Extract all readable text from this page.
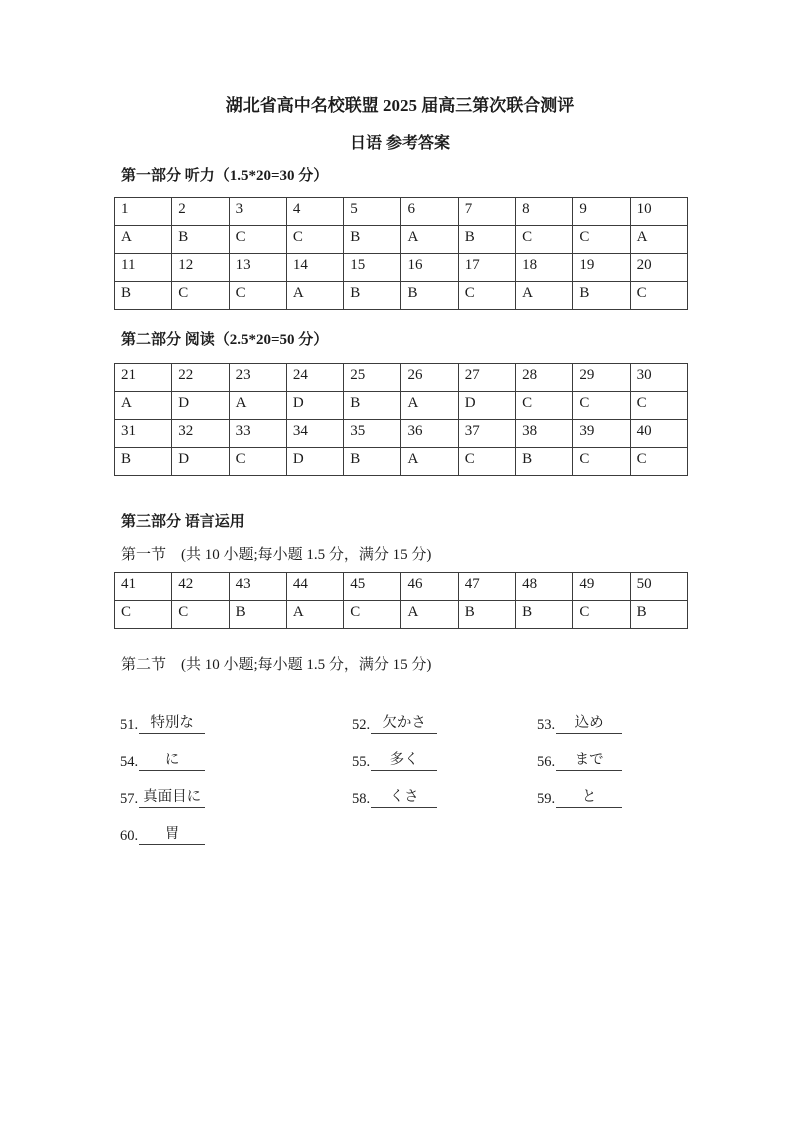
湖北省高中名校联盟 2025 届高三第次联合测评
日语 参考答案
第一部分 听力（1.5*20=30 分）
1	2	3	4	5	6	7	8	9	10
A	B	C	C	B	A	B	C	C	A
11	12	13	14	15	16	17	18	19	20
B	C	C	A	B	B	C	A	B	C
第二部分 阅读（2.5*20=50 分）
21	22	23	24	25	26	27	28	29	30
A	D	A	D	B	A	D	C	C	C
31	32	33	34	35	36	37	38	39	40
B	D	C	D	B	A	C	B	C	C
第三部分 语言运用

第一节　(共 10 小题;每小题 1.5 分，满分 15 分)

41	42	43	44	45	46	47	48	49	50
C	C	B	A	C	A	B	B	C	B

第二节　(共 10 小题;每小题 1.5 分，满分 15 分)

51. 特別な	52. 欠かさ	53.	込め
54.	に	55.	多く	56.	まで
57. 真面目に	58.	くさ	59.	と
60.	胃
